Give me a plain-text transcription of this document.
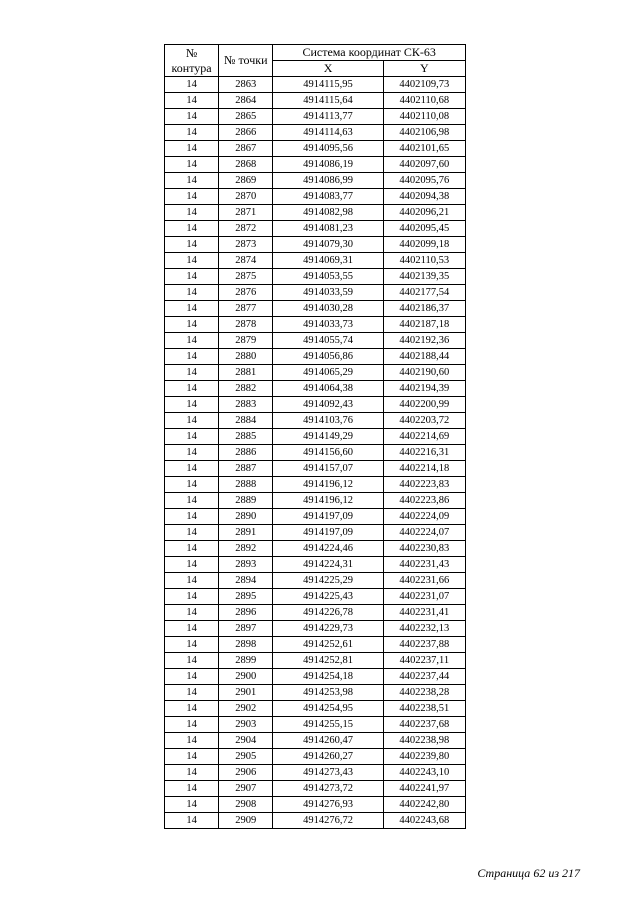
№
контура	№ точки	Система координат СК-63	
		X	Y
14	2863	4914115,95	4402109,73
14	2864	4914115,64	4402110,68
14	2865	4914113,77	4402110,08
14	2866	4914114,63	4402106,98
14	2867	4914095,56	4402101,65
14	2868	4914086,19	4402097,60
14	2869	4914086,99	4402095,76
14	2870	4914083,77	4402094,38
14	2871	4914082,98	4402096,21
14	2872	4914081,23	4402095,45
14	2873	4914079,30	4402099,18
14	2874	4914069,31	4402110,53
14	2875	4914053,55	4402139,35
14	2876	4914033,59	4402177,54
14	2877	4914030,28	4402186,37
14	2878	4914033,73	4402187,18
14	2879	4914055,74	4402192,36
14	2880	4914056,86	4402188,44
14	2881	4914065,29	4402190,60
14	2882	4914064,38	4402194,39
14	2883	4914092,43	4402200,99
14	2884	4914103,76	4402203,72
14	2885	4914149,29	4402214,69
14	2886	4914156,60	4402216,31
14	2887	4914157,07	4402214,18
14	2888	4914196,12	4402223,83
14	2889	4914196,12	4402223,86
14	2890	4914197,09	4402224,09
14	2891	4914197,09	4402224,07
14	2892	4914224,46	4402230,83
14	2893	4914224,31	4402231,43
14	2894	4914225,29	4402231,66
14	2895	4914225,43	4402231,07
14	2896	4914226,78	4402231,41
14	2897	4914229,73	4402232,13
14	2898	4914252,61	4402237,88
14	2899	4914252,81	4402237,11
14	2900	4914254,18	4402237,44
14	2901	4914253,98	4402238,28
14	2902	4914254,95	4402238,51
14	2903	4914255,15	4402237,68
14	2904	4914260,47	4402238,98
14	2905	4914260,27	4402239,80
14	2906	4914273,43	4402243,10
14	2907	4914273,72	4402241,97
14	2908	4914276,93	4402242,80
14	2909	4914276,72	4402243,68
Страница 62 из 217
